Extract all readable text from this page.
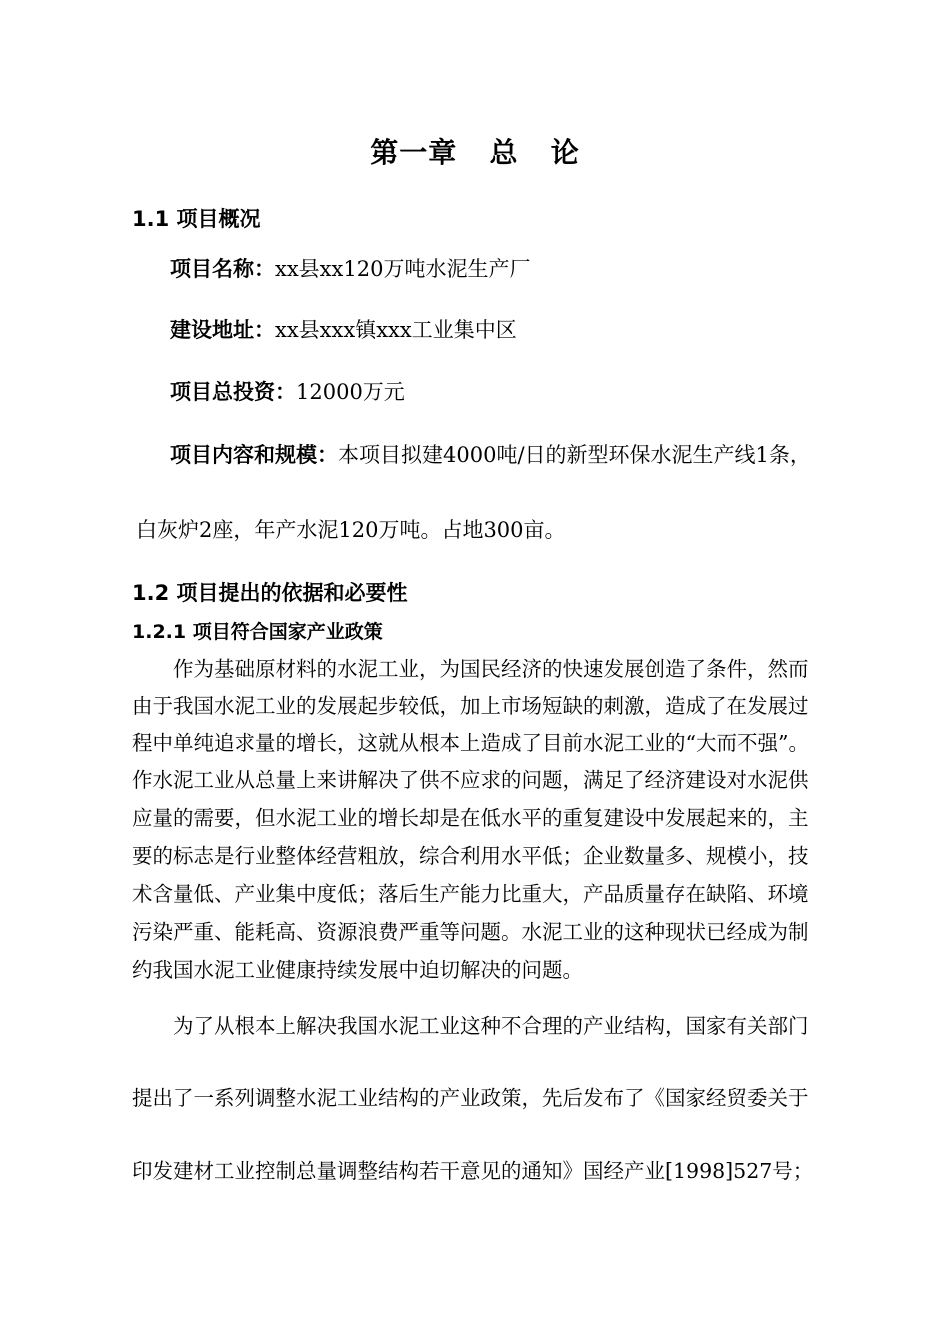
第一章   总   论
1.1 项目概况
项目名称：xx县xx120万吨水泥生产厂
建设地址：xx县xxx镇xxx工业集中区
项目总投资：12000万元
项目内容和规模：本项目拟建4000吨/日的新型环保水泥生产线1条，
白灰炉2座，年产水泥120万吨。占地300亩。
1.2 项目提出的依据和必要性
1.2.1 项目符合国家产业政策
　　作为基础原材料的水泥工业，为国民经济的快速发展创造了条件，然而
由于我国水泥工业的发展起步较低，加上市场短缺的刺激，造成了在发展过
程中单纯追求量的增长，这就从根本上造成了目前水泥工业的“大而不强”。
作水泥工业从总量上来讲解决了供不应求的问题，满足了经济建设对水泥供
应量的需要，但水泥工业的增长却是在低水平的重复建设中发展起来的，主
要的标志是行业整体经营粗放，综合利用水平低；企业数量多、规模小，技
术含量低、产业集中度低；落后生产能力比重大，产品质量存在缺陷、环境
污染严重、能耗高、资源浪费严重等问题。水泥工业的这种现状已经成为制
约我国水泥工业健康持续发展中迫切解决的问题。
　　为了从根本上解决我国水泥工业这种不合理的产业结构，国家有关部门
提出了一系列调整水泥工业结构的产业政策，先后发布了《国家经贸委关于
印发建材工业控制总量调整结构若干意见的通知》国经产业[1998]527号；
